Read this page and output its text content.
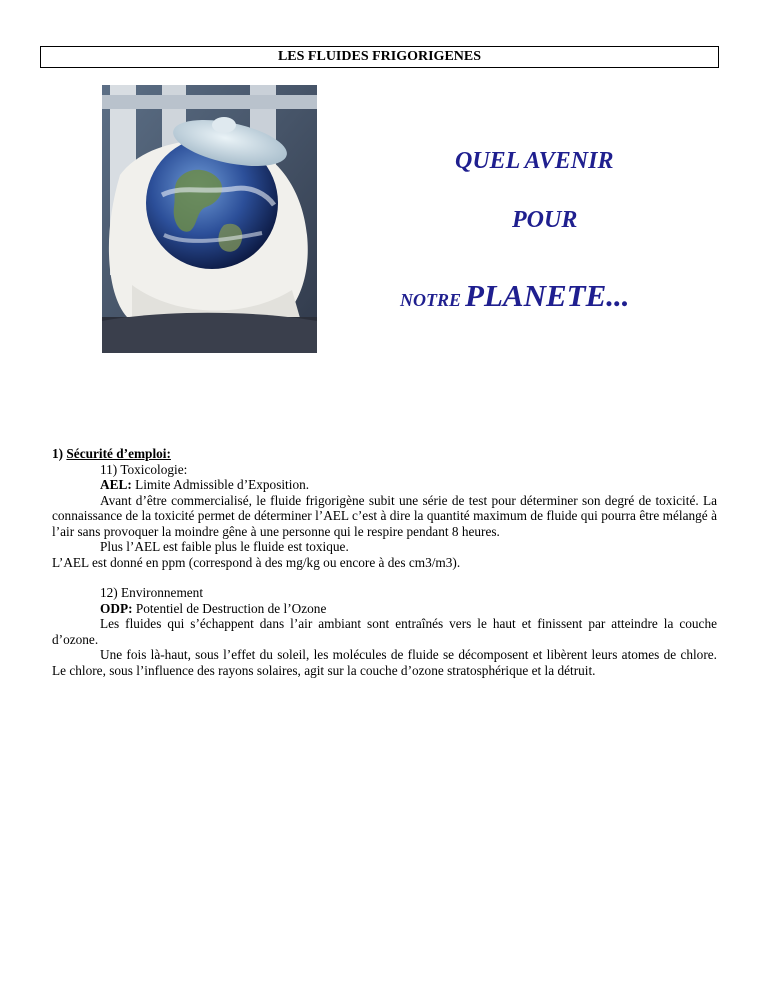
LES FLUIDES FRIGORIGENES
QUEL AVENIR
POUR
NOTRE PLANETE...

1) Sécurité d’emploi:

11) Toxicologie:

AEL: Limite Admissible d’Exposition.

Avant d’être commercialisé, le fluide frigorigène subit une série de test pour déterminer son degré de toxicité. La connaissance de la toxicité permet de déterminer l’AEL c’est à dire la quantité maximum de fluide qui pourra être mélangé à l’air sans provoquer la moindre gêne à une personne qui le respire pendant 8 heures.

Plus l’AEL est faible plus le fluide est toxique.

L’AEL est donné en ppm (correspond à des mg/kg ou encore à des cm3/m3).

12) Environnement

ODP: Potentiel de Destruction de l’Ozone

Les fluides qui s’échappent dans l’air ambiant sont entraînés vers le haut et finissent par atteindre la couche d’ozone.

Une fois là-haut, sous l’effet du soleil, les molécules de fluide se décomposent et libèrent leurs atomes de chlore. Le chlore, sous l’influence des rayons solaires, agit sur la couche d’ozone stratosphérique et la détruit.
